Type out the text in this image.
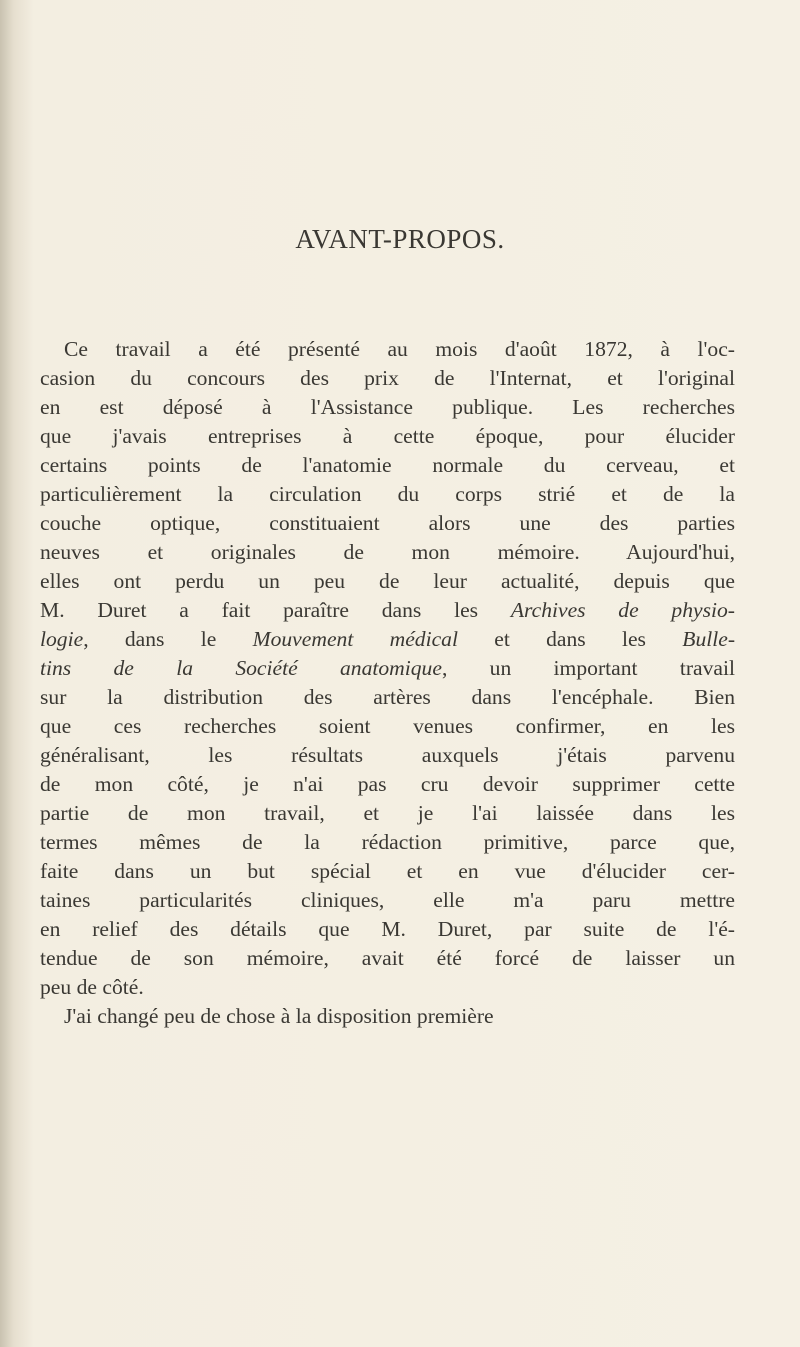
AVANT-PROPOS.
Ce travail a été présenté au mois d'août 1872, à l'oc-
casion du concours des prix de l'Internat, et l'original
en est déposé à l'Assistance publique. Les recherches
que j'avais entreprises à cette époque, pour élucider
certains points de l'anatomie normale du cerveau, et
particulièrement la circulation du corps strié et de la
couche optique, constituaient alors une des parties
neuves et originales de mon mémoire. Aujourd'hui,
elles ont perdu un peu de leur actualité, depuis que
M. Duret a fait paraître dans les Archives de physio-
logie, dans le Mouvement médical et dans les Bulle-
tins de la Société anatomique, un important travail
sur la distribution des artères dans l'encéphale. Bien
que ces recherches soient venues confirmer, en les
généralisant, les résultats auxquels j'étais parvenu
de mon côté, je n'ai pas cru devoir supprimer cette
partie de mon travail, et je l'ai laissée dans les
termes mêmes de la rédaction primitive, parce que,
faite dans un but spécial et en vue d'élucider cer-
taines particularités cliniques, elle m'a paru mettre
en relief des détails que M. Duret, par suite de l'é-
tendue de son mémoire, avait été forcé de laisser un
peu de côté.
J'ai changé peu de chose à la disposition première
